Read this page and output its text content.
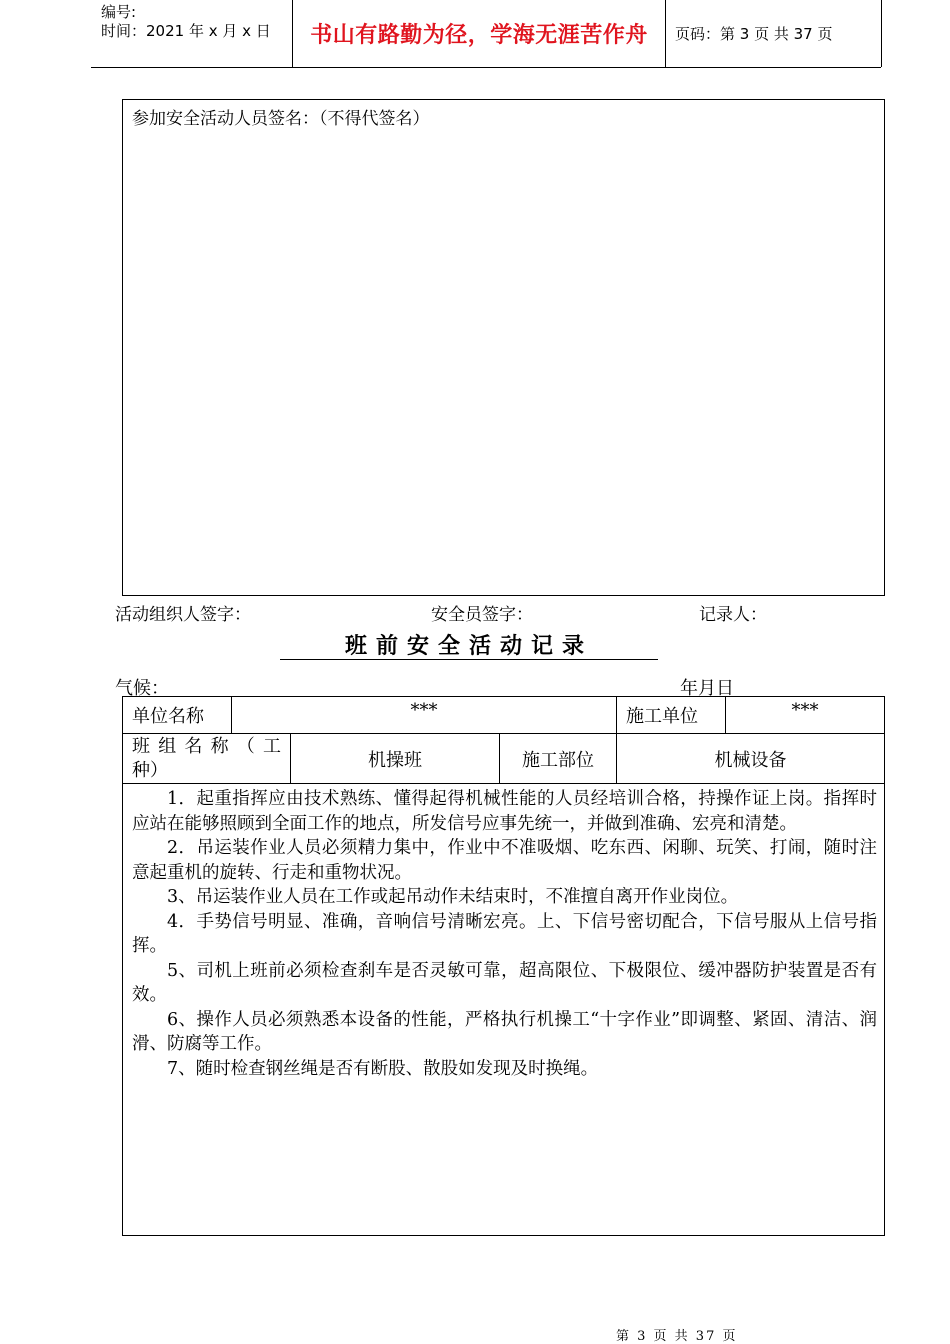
编号:
时间：2021 年 x 月 x 日 书山有路勤为径，学海无涯苦作舟	页码：第 3 页 共 37 页
参加安全活动人员签名：（不得代签名）
活动组织人签字：	安全员签字：	记录人：
班前安全活动记录
气候：	年月日
单位名称	***			施工单位	***
班 组 名 称 （ 工 种）		机操班	施工部位	机械设备	

1．起重指挥应由技术熟练、懂得起得机械性能的人员经培训合格，持操作证上岗。指挥时应站在能够照顾到全面工作的地点，所发信号应事先统一，并做到准确、宏亮和清楚。

2．吊运装作业人员必须精力集中，作业中不准吸烟、吃东西、闲聊、玩笑、打闹，随时注意起重机的旋转、行走和重物状况。

3、吊运装作业人员在工作或起吊动作未结束时，不准擅自离开作业岗位。

4．手势信号明显、准确，音响信号清晰宏亮。上、下信号密切配合，下信号服从上信号指挥。

5、司机上班前必须检查刹车是否灵敏可靠，超高限位、下极限位、缓冲器防护装置是否有效。

6、操作人员必须熟悉本设备的性能，严格执行机操工“十字作业”即调整、紧固、清洁、润滑、防腐等工作。

7、随时检查钢丝绳是否有断股、散股如发现及时换绳。

第 3 页 共 37 页
